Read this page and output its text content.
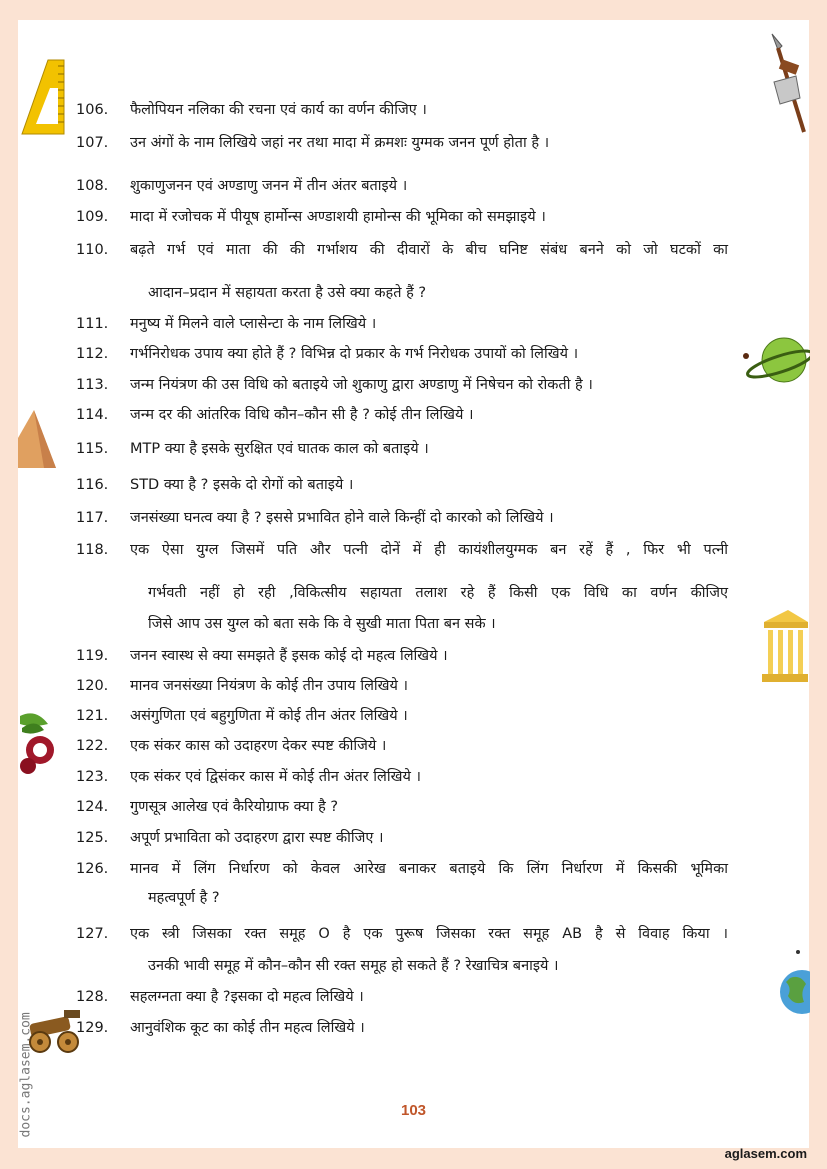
docs.aglasem.com
106.	फैलोपियन नलिका की रचना एवं कार्य का वर्णन कीजिए ।
107.	उन अंगों के नाम लिखिये जहां नर तथा मादा में क्रमशः युग्मक जनन पूर्ण होता है ।
108.	शुकाणुजनन एवं अण्डाणु जनन में तीन अंतर बताइये ।
109.	मादा में रजोचक में पीयूष हार्मोन्स अण्डाशयी हामोन्स की भूमिका को समझाइये ।
110.	बढ़ते गर्भ एवं माता की की गर्भाशय की दीवारों के बीच घनिष्ट संबंध बनने को जो घटकों का
आदान–प्रदान में सहायता करता है उसे क्या कहते हैं ?
111.	मनुष्य में मिलने वाले प्लासेन्टा के नाम लिखिये ।
112.	गर्भनिरोधक उपाय क्या होते हैं ? विभिन्न दो प्रकार के गर्भ निरोधक उपायों को लिखिये ।
113.	जन्म नियंत्रण की उस विधि को बताइये जो शुकाणु द्वारा अण्डाणु में निषेचन को रोकती है ।
114.	जन्म दर की आंतरिक विधि कौन–कौन सी है ? कोई तीन लिखिये ।
115.	MTP क्या है इसके सुरक्षित एवं घातक काल को बताइये ।
116.	STD क्या है ? इसके दो रोगों को बताइये ।
117.	जनसंख्या घनत्व क्या है ? इससे प्रभावित होने वाले किन्हीं दो कारको को लिखिये ।
118.	एक ऐसा युग्ल जिसमें पति और पत्नी दोनें में ही कायंशीलयुग्मक बन रहें हैं , फिर भी पत्नी
गर्भवती नहीं हो रही ,विकित्सीय सहायता तलाश रहे हैं किसी एक विधि का वर्णन कीजिए
जिसे आप उस युग्ल को बता सके कि वे सुखी माता पिता बन सके ।
119.	जनन स्वास्थ से क्या समझते हैं इसक कोई दो महत्व लिखिये ।
120.	मानव जनसंख्या नियंत्रण के कोई तीन उपाय लिखिये ।
121.	असंगुणिता एवं बहुगुणिता में कोई तीन अंतर लिखिये ।
122.	एक संकर कास को उदाहरण देकर स्पष्ट कीजिये ।
123.	एक संकर एवं द्विसंकर कास में कोई तीन अंतर लिखिये ।
124.	गुणसूत्र आलेख एवं कैरियोग्राफ क्या है ?
125.	अपूर्ण प्रभाविता को उदाहरण द्वारा स्पष्ट कीजिए ।
126.	मानव में लिंग निर्धारण को केवल आरेख बनाकर बताइये कि लिंग निर्धारण में किसकी भूमिका
महत्वपूर्ण है ?
127.	एक स्त्री जिसका रक्त समूह O है एक पुरूष जिसका रक्त समूह AB है से विवाह किया ।
उनकी भावी समूह में कौन–कौन सी रक्त समूह हो सकते हैं ? रेखाचित्र बनाइये ।
128.	सहलग्नता क्या है ?इसका दो महत्व लिखिये ।
129.	आनुवंशिक कूट का कोई तीन महत्व लिखिये ।
103
aglasem.com
